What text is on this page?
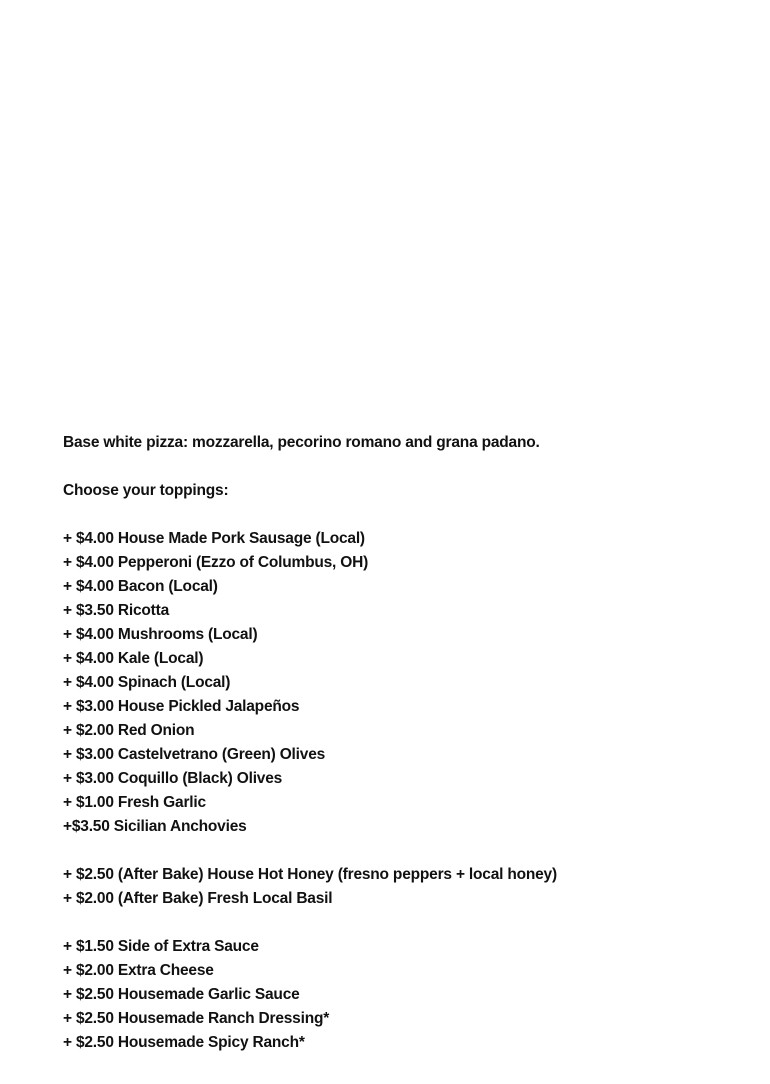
Base white pizza: mozzarella, pecorino romano and grana padano.
Choose your toppings:
+ $4.00 House Made Pork Sausage (Local)
+ $4.00 Pepperoni (Ezzo of Columbus, OH)
+ $4.00 Bacon (Local)
+ $3.50 Ricotta
+ $4.00 Mushrooms (Local)
+ $4.00 Kale (Local)
+ $4.00 Spinach (Local)
+ $3.00 House Pickled Jalapeños
+ $2.00 Red Onion
+ $3.00 Castelvetrano (Green) Olives
+ $3.00 Coquillo (Black) Olives
+ $1.00 Fresh Garlic
+$3.50 Sicilian Anchovies
+ $2.50 (After Bake) House Hot Honey (fresno peppers + local honey)
+ $2.00 (After Bake) Fresh Local Basil
+ $1.50 Side of Extra Sauce
+ $2.00 Extra Cheese
+ $2.50 Housemade Garlic Sauce
+ $2.50 Housemade Ranch Dressing*
+ $2.50 Housemade Spicy Ranch*
